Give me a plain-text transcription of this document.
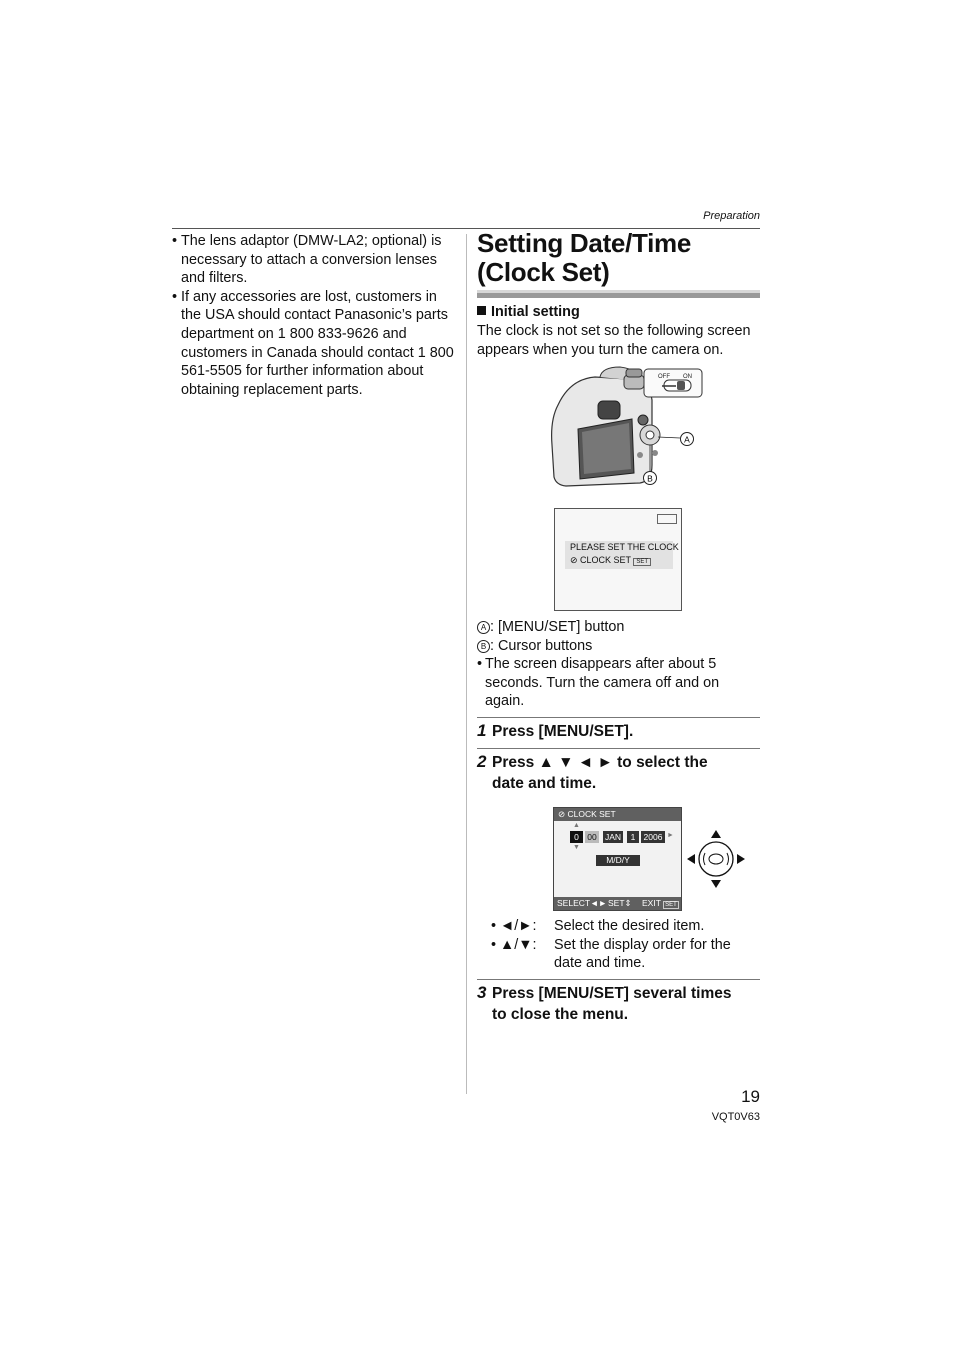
Preparation
• The lens adaptor (DMW-LA2; optional) is necessary to attach a conversion lenses and filters.
• If any accessories are lost, customers in the USA should contact Panasonic’s parts department on 1 800 833-9626 and customers in Canada should contact 1 800 561-5505 for further information about obtaining replacement parts.
Setting Date/Time
(Clock Set)
Initial setting
The clock is not set so the following screen appears when you turn the camera on.
OFF ON
A
B
PLEASE SET THE CLOCK
⊘ CLOCK SET SET
A : [MENU/SET] button
B : Cursor buttons
• The screen disappears after about 5 seconds. Turn the camera off and on again.
1 Press [MENU/SET].
2 Press ▲ ▼ ◄ ► to select the
date and time.
⊘ CLOCK SET
▲
0 00 JAN	1 2006 ►
▼
M/D/Y
SELECT◄► SET⇕ EXIT SET
• ◄/►:	Select the desired item.
• ▲/▼:	Set the display order for the date and time.
3 Press [MENU/SET] several times
to close the menu.
19
VQT0V63
